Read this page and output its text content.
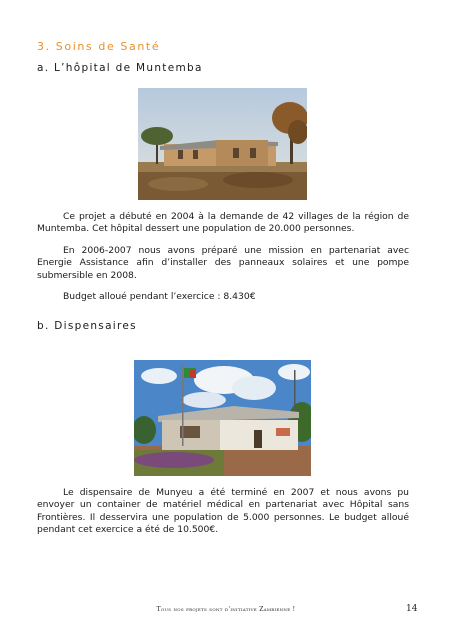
3. Soins de Santé
a. L’hôpital de Muntemba

Ce projet a débuté en 2004 à la demande de 42 villages de la région de Muntemba. Cet hôpital dessert une population de 20.000 personnes.

En 2006-2007 nous avons préparé une mission en partenariat avec Energie Assistance afin d’installer des panneaux solaires et une pompe submersible en 2008.

Budget alloué pendant l’exercice : 8.430€

b. Dispensaires

Le dispensaire de Munyeu a été terminé en 2007 et nous avons pu envoyer un container de matériel médical en partenariat avec Hôpital sans Frontières. Il desservira une population de 5.000 personnes. Le budget alloué pendant cet exercice a été de 10.500€.

Tous nos projets sont d'initiative Zambienne !	14
